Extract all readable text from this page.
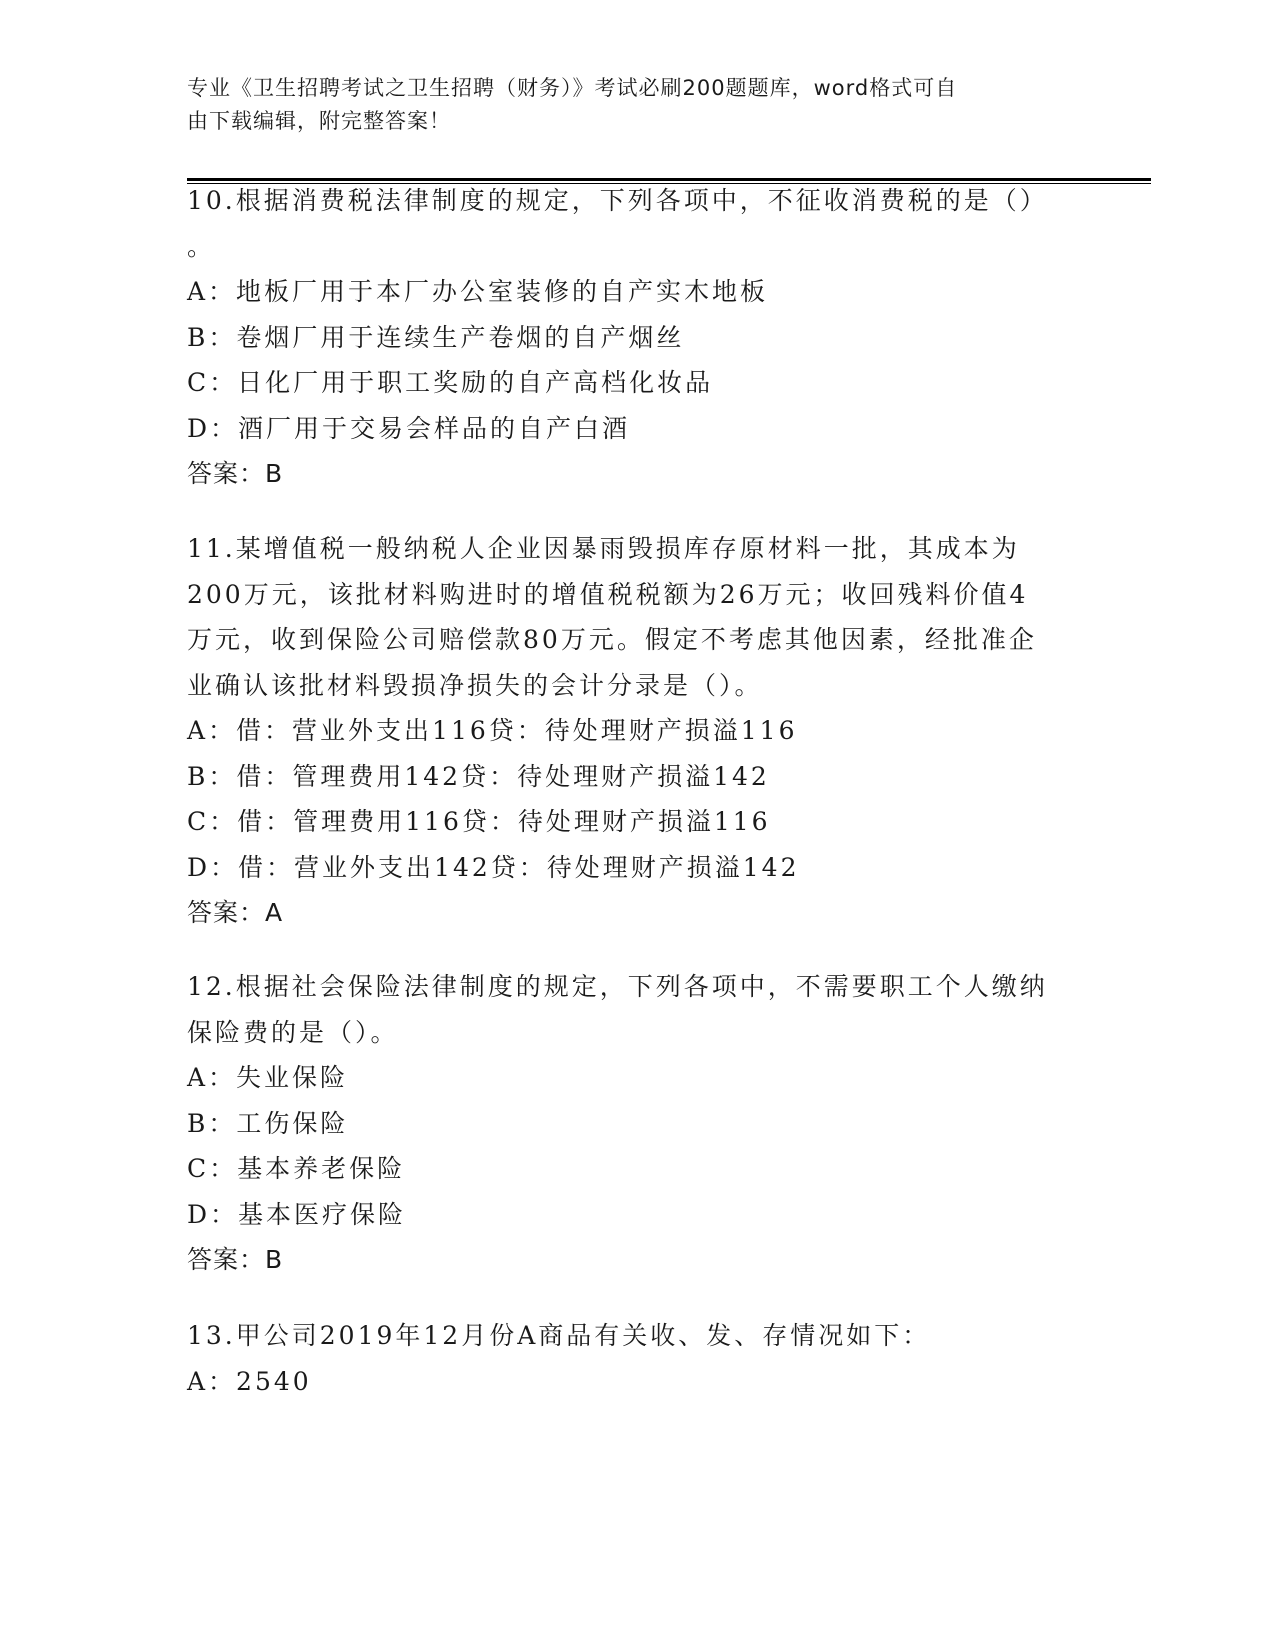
专业《卫生招聘考试之卫生招聘（财务）》考试必刷200题题库，word格式可自
由下载编辑，附完整答案！
10.根据消费税法律制度的规定，下列各项中，不征收消费税的是（）
。
A：地板厂用于本厂办公室装修的自产实木地板
B：卷烟厂用于连续生产卷烟的自产烟丝
C：日化厂用于职工奖励的自产高档化妆品
D：酒厂用于交易会样品的自产白酒
答案：B
11.某增值税一般纳税人企业因暴雨毁损库存原材料一批，其成本为
200万元，该批材料购进时的增值税税额为26万元；收回残料价值4
万元，收到保险公司赔偿款80万元。假定不考虑其他因素，经批准企
业确认该批材料毁损净损失的会计分录是（）。
A：借：营业外支出116贷：待处理财产损溢116
B：借：管理费用142贷：待处理财产损溢142
C：借：管理费用116贷：待处理财产损溢116
D：借：营业外支出142贷：待处理财产损溢142
答案：A
12.根据社会保险法律制度的规定，下列各项中，不需要职工个人缴纳
保险费的是（）。
A：失业保险
B：工伤保险
C：基本养老保险
D：基本医疗保险
答案：B
13.甲公司2019年12月份A商品有关收、发、存情况如下：
A：2540
